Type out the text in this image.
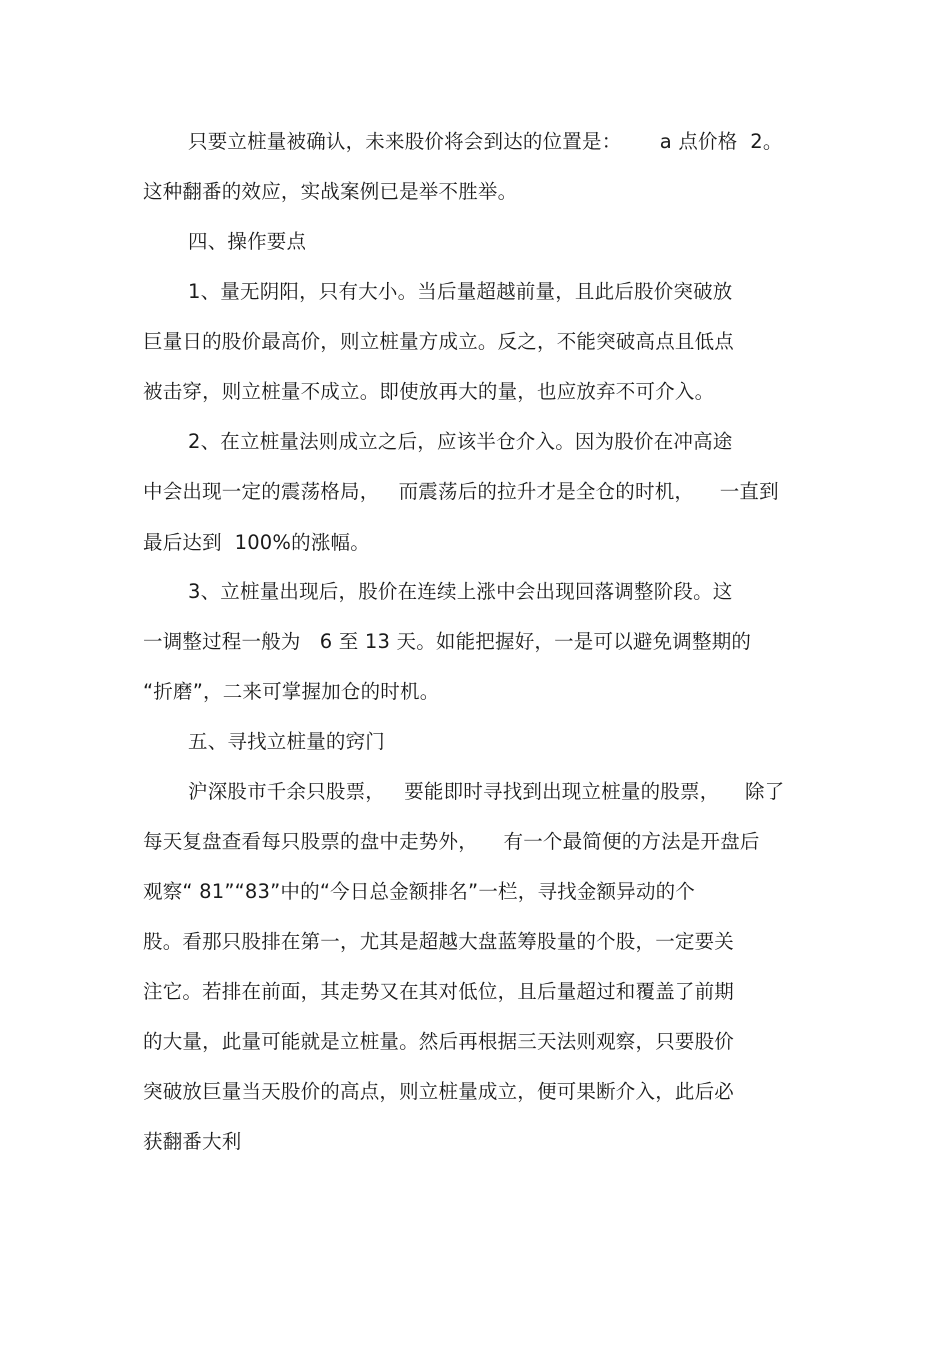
只要立桩量被确认，未来股价将会到达的位置是：      a 点价格  2。
这种翻番的效应，实战案例已是举不胜举。
四、操作要点
1、量无阴阳，只有大小。当后量超越前量，且此后股价突破放
巨量日的股价最高价，则立桩量方成立。反之，不能突破高点且低点
被击穿，则立桩量不成立。即使放再大的量，也应放弃不可介入。
2、在立桩量法则成立之后，应该半仓介入。因为股价在冲高途
中会出现一定的震荡格局，   而震荡后的拉升才是全仓的时机，    一直到
最后达到  100%的涨幅。
3、立桩量出现后，股价在连续上涨中会出现回落调整阶段。这
一调整过程一般为   6 至 13 天。如能把握好，一是可以避免调整期的
“折磨”，二来可掌握加仓的时机。
五、寻找立桩量的窍门
沪深股市千余只股票，   要能即时寻找到出现立桩量的股票，    除了
每天复盘查看每只股票的盘中走势外，    有一个最简便的方法是开盘后
观察“ 81”“83”中的“今日总金额排名”一栏，寻找金额异动的个
股。看那只股排在第一，尤其是超越大盘蓝筹股量的个股，一定要关
注它。若排在前面，其走势又在其对低位，且后量超过和覆盖了前期
的大量，此量可能就是立桩量。然后再根据三天法则观察，只要股价
突破放巨量当天股价的高点，则立桩量成立，便可果断介入，此后必
获翻番大利
